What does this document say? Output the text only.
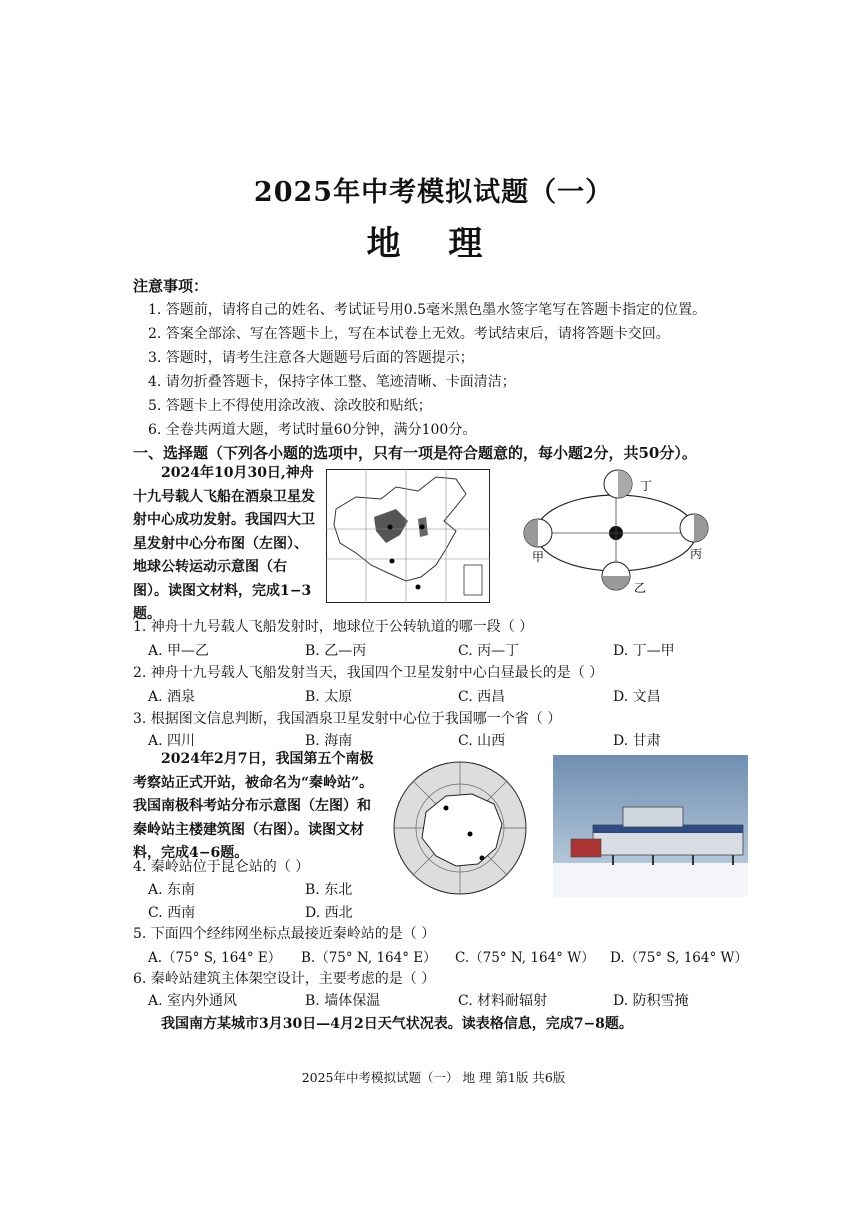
2025年中考模拟试题（一）
地 理
注意事项：
1. 答题前，请将自己的姓名、考试证号用0.5毫米黑色墨水签字笔写在答题卡指定的位置。
2. 答案全部涂、写在答题卡上，写在本试卷上无效。考试结束后，请将答题卡交回。
3. 答题时，请考生注意各大题题号后面的答题提示；
4. 请勿折叠答题卡，保持字体工整、笔迹清晰、卡面清洁；
5. 答题卡上不得使用涂改液、涂改胶和贴纸；
6. 全卷共两道大题，考试时量60分钟，满分100分。
一、选择题（下列各小题的选项中，只有一项是符合题意的，每小题2分，共50分）。
2024年10月30日,神舟十九号载人飞船在酒泉卫星发射中心成功发射。我国四大卫星发射中心分布图（左图）、地球公转运动示意图（右图）。读图文材料，完成1−3题。
丁
甲	丙
乙
1. 神舟十九号载人飞船发射时，地球位于公转轨道的哪一段（ ）
A. 甲—乙	B. 乙—丙	C. 丙—丁	D. 丁—甲
2. 神舟十九号载人飞船发射当天，我国四个卫星发射中心白昼最长的是（ ）
A. 酒泉	B. 太原	C. 西昌	D. 文昌
3. 根据图文信息判断，我国酒泉卫星发射中心位于我国哪一个省（ ）
A. 四川	B. 海南	C. 山西	D. 甘肃
2024年2月7日，我国第五个南极考察站正式开站，被命名为“秦岭站”。我国南极科考站分布示意图（左图）和秦岭站主楼建筑图（右图）。读图文材料，完成4−6题。
4. 秦岭站位于昆仑站的（ ）
A. 东南	B. 东北
C. 西南	D. 西北
5. 下面四个经纬网坐标点最接近秦岭站的是（ ）
A.（75° S, 164° E） B.（75° N, 164° E） C.（75° N, 164° W） D.（75° S, 164° W）
6. 秦岭站建筑主体架空设计，主要考虑的是（ ）
A. 室内外通风	B. 墙体保温	C. 材料耐辐射	D. 防积雪掩
我国南方某城市3月30日—4月2日天气状况表。读表格信息，完成7−8题。
2025年中考模拟试题（一） 地 理 第1版 共6版
